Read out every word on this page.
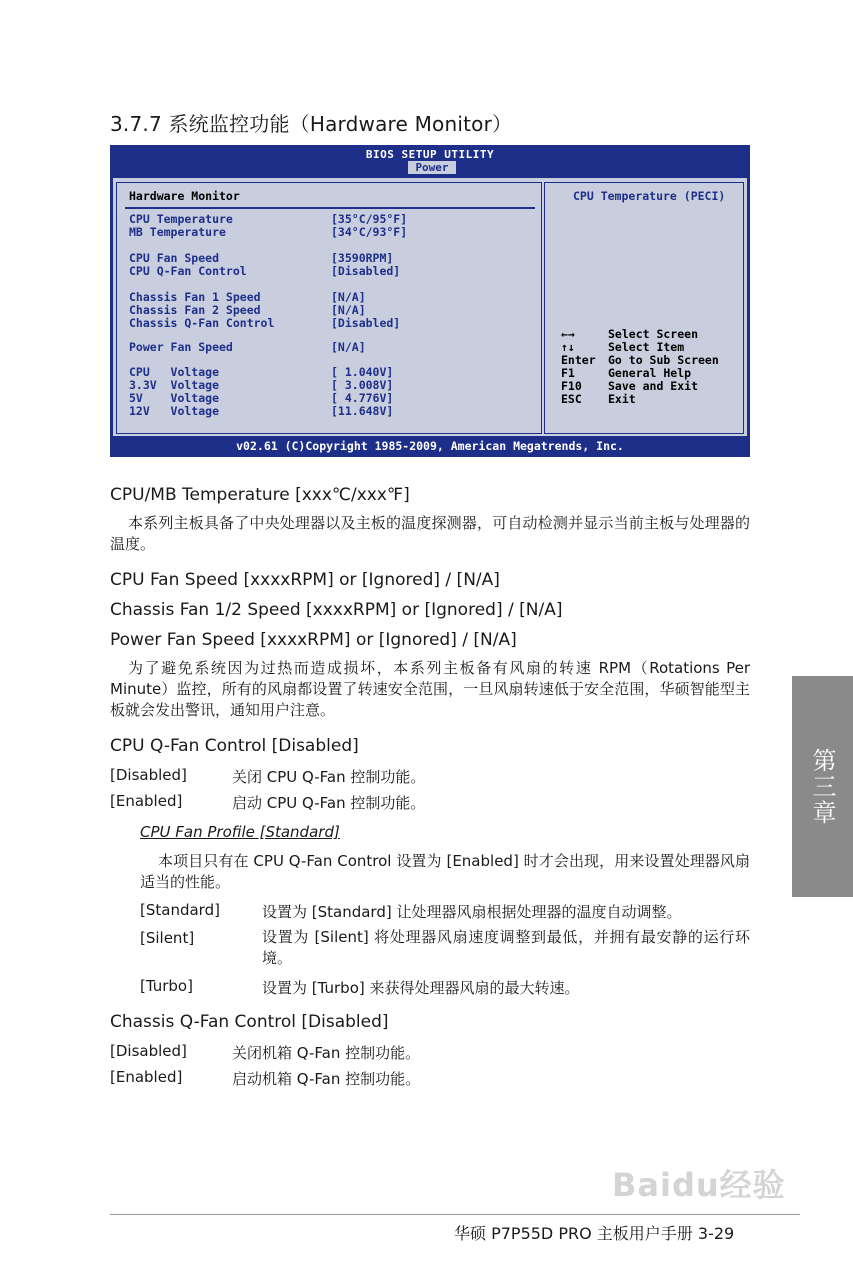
3.7.7 系统监控功能（Hardware Monitor）
BIOS SETUP UTILITY
Power
Hardware Monitor
CPU Temperature	[35°C/95°F]
MB Temperature	[34°C/93°F]
CPU Fan Speed	[3590RPM]
CPU Q-Fan Control	[Disabled]
Chassis Fan 1 Speed	[N/A]
Chassis Fan 2 Speed	[N/A]
Chassis Q-Fan Control	[Disabled]
Power Fan Speed	[N/A]
CPU   Voltage	[ 1.040V]
3.3V  Voltage	[ 3.008V]
5V    Voltage	[ 4.776V]
12V   Voltage	[11.648V]
CPU Temperature (PECI)
←→	Select Screen
↑↓	Select Item
Enter Go to Sub Screen
F1	General Help
F10 Save and Exit
ESC Exit
v02.61 (C)Copyright 1985-2009, American Megatrends, Inc.
CPU/MB Temperature [xxx℃/xxx℉]
本系列主板具备了中央处理器以及主板的温度探测器，可自动检测并显示当前主板与处理器的温度。
CPU Fan Speed [xxxxRPM] or [Ignored] / [N/A]
Chassis Fan 1/2 Speed [xxxxRPM] or [Ignored] / [N/A]
Power Fan Speed [xxxxRPM] or [Ignored] / [N/A]
为了避免系统因为过热而造成损坏，本系列主板备有风扇的转速 RPM（Rotations Per Minute）监控，所有的风扇都设置了转速安全范围，一旦风扇转速低于安全范围，华硕智能型主板就会发出警讯，通知用户注意。
CPU Q-Fan Control [Disabled]
[Disabled]	关闭 CPU Q-Fan 控制功能。
[Enabled]	启动 CPU Q-Fan 控制功能。
CPU Fan Profile [Standard]
本项目只有在 CPU Q-Fan Control 设置为 [Enabled] 时才会出现，用来设置处理器风扇适当的性能。
[Standard]	设置为 [Standard] 让处理器风扇根据处理器的温度自动调整。
[Silent]	设置为 [Silent] 将处理器风扇速度调整到最低，并拥有最安静的运行环境。
[Turbo]	设置为 [Turbo] 来获得处理器风扇的最大转速。
Chassis Q-Fan Control [Disabled]
[Disabled]	关闭机箱 Q-Fan 控制功能。
[Enabled]	启动机箱 Q-Fan 控制功能。
第三章
Baidu经验
华硕 P7P55D PRO 主板用户手册 3-29
